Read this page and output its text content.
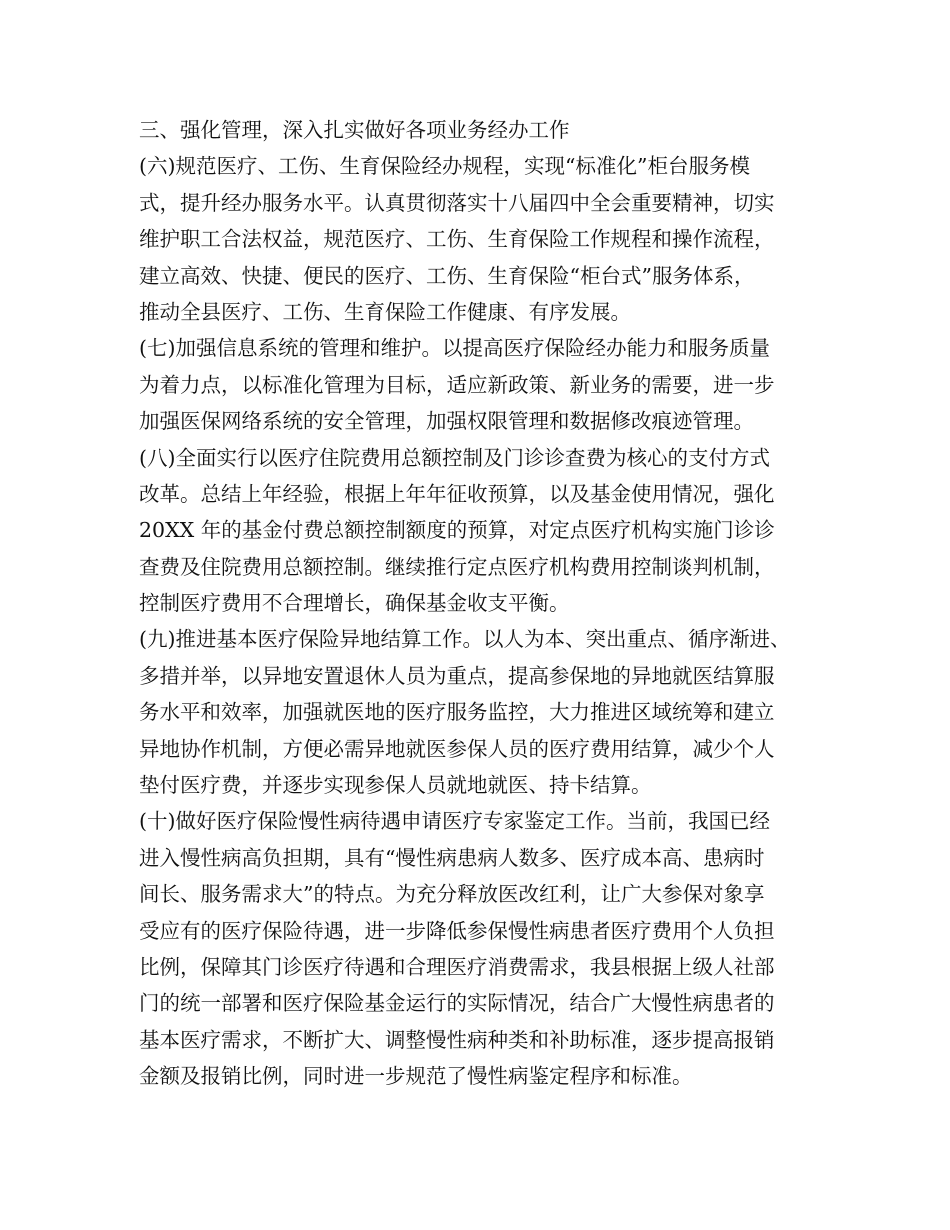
三、强化管理，深入扎实做好各项业务经办工作
(六)规范医疗、工伤、生育保险经办规程，实现“标准化”柜台服务模
式，提升经办服务水平。认真贯彻落实十八届四中全会重要精神，切实
维护职工合法权益，规范医疗、工伤、生育保险工作规程和操作流程，
建立高效、快捷、便民的医疗、工伤、生育保险“柜台式”服务体系，
推动全县医疗、工伤、生育保险工作健康、有序发展。
(七)加强信息系统的管理和维护。以提高医疗保险经办能力和服务质量
为着力点，以标准化管理为目标，适应新政策、新业务的需要，进一步
加强医保网络系统的安全管理，加强权限管理和数据修改痕迹管理。
(八)全面实行以医疗住院费用总额控制及门诊诊查费为核心的支付方式
改革。总结上年经验，根据上年年征收预算，以及基金使用情况，强化
20XX 年的基金付费总额控制额度的预算，对定点医疗机构实施门诊诊
查费及住院费用总额控制。继续推行定点医疗机构费用控制谈判机制，
控制医疗费用不合理增长，确保基金收支平衡。
(九)推进基本医疗保险异地结算工作。以人为本、突出重点、循序渐进、
多措并举，以异地安置退休人员为重点，提高参保地的异地就医结算服
务水平和效率，加强就医地的医疗服务监控，大力推进区域统筹和建立
异地协作机制，方便必需异地就医参保人员的医疗费用结算，减少个人
垫付医疗费，并逐步实现参保人员就地就医、持卡结算。
(十)做好医疗保险慢性病待遇申请医疗专家鉴定工作。当前，我国已经
进入慢性病高负担期，具有“慢性病患病人数多、医疗成本高、患病时
间长、服务需求大”的特点。为充分释放医改红利，让广大参保对象享
受应有的医疗保险待遇，进一步降低参保慢性病患者医疗费用个人负担
比例，保障其门诊医疗待遇和合理医疗消费需求，我县根据上级人社部
门的统一部署和医疗保险基金运行的实际情况，结合广大慢性病患者的
基本医疗需求，不断扩大、调整慢性病种类和补助标准，逐步提高报销
金额及报销比例，同时进一步规范了慢性病鉴定程序和标准。
